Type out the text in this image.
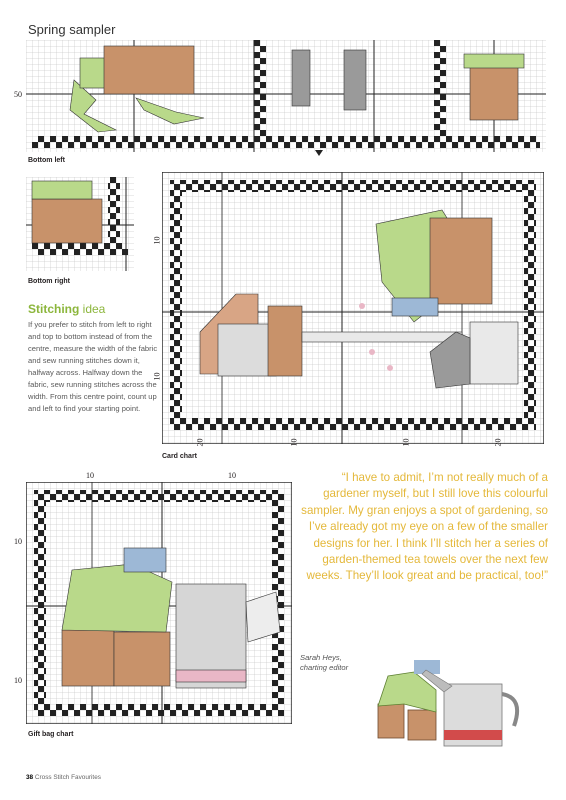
Spring sampler
50
Bottom left
Bottom right
Stitching idea
If you prefer to stitch from left to right and top to bottom instead of from the centre, measure the width of the fabric and sew running stitches down it, halfway across. Halfway down the fabric, sew running stitches across the width. From this centre point, count up and left to find your starting point.
10
10
20	10	10	20
Card chart
10	10
10
10
Gift bag chart
“I have to admit, I’m not really much of a gardener myself, but I still love this colourful sampler. My gran enjoys a spot of gardening, so I’ve already got my eye on a few of the smaller designs for her. I think I’ll stitch her a series of garden-themed tea towels over the next few weeks. They’ll look great and be practical, too!”
Sarah Heys,
charting editor
38 Cross Stitch Favourites
